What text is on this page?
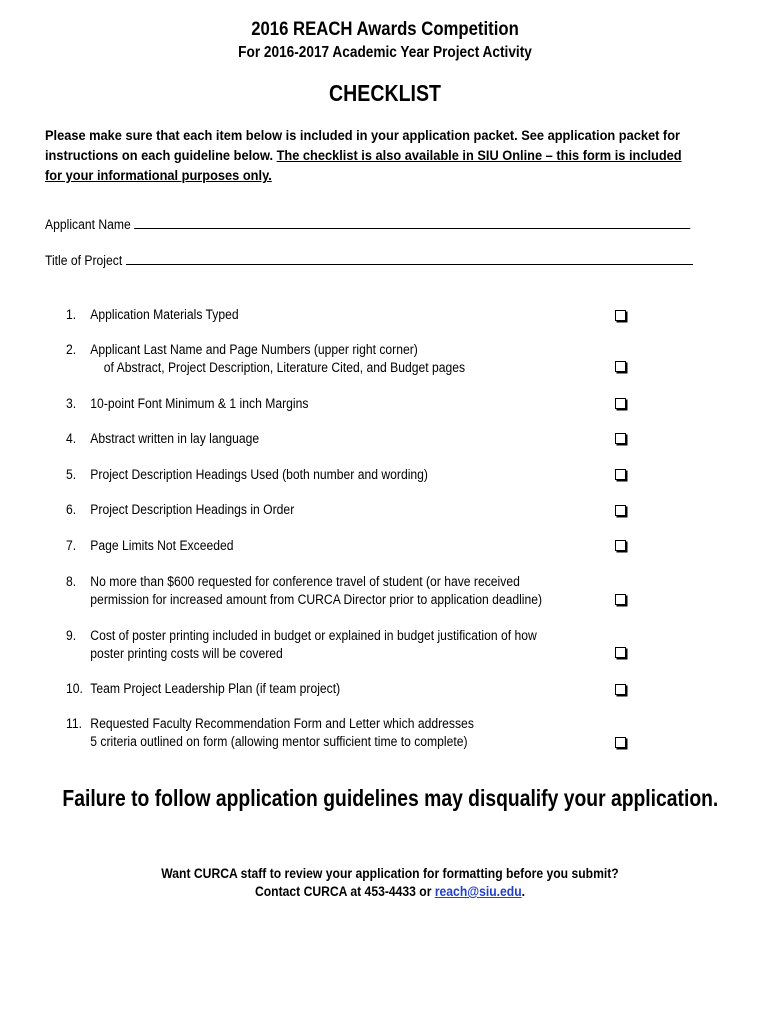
2016 REACH Awards Competition
For 2016-2017 Academic Year Project Activity
CHECKLIST
Please make sure that each item below is included in your application packet. See application packet for
instructions on each guideline below. The checklist is also available in SIU Online – this form is included
for your informational purposes only.
Applicant Name
Title of Project
1. Application Materials Typed
2. Applicant Last Name and Page Numbers (upper right corner)
of Abstract, Project Description, Literature Cited, and Budget pages
3. 10-point Font Minimum & 1 inch Margins
4. Abstract written in lay language
5. Project Description Headings Used (both number and wording)
6. Project Description Headings in Order
7. Page Limits Not Exceeded
8. No more than $600 requested for conference travel of student (or have received
permission for increased amount from CURCA Director prior to application deadline)
9. Cost of poster printing included in budget or explained in budget justification of how
poster printing costs will be covered
10. Team Project Leadership Plan (if team project)
11. Requested Faculty Recommendation Form and Letter which addresses
5 criteria outlined on form (allowing mentor sufficient time to complete)
Failure to follow application guidelines may disqualify your application.
Want CURCA staff to review your application for formatting before you submit?
Contact CURCA at 453-4433 or reach@siu.edu.
